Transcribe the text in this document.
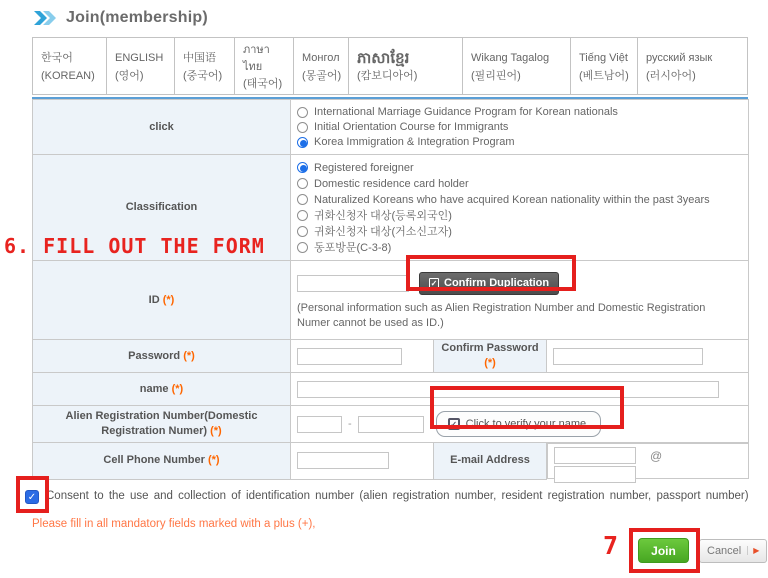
Join(membership)
한국어
(KOREAN)
ENGLISH
(영어)
中国语
(중국어)
ภาษาไทย
(태국어)
Монгол
(몽골어)
ភាសាខ្មែរ
(캄보디아어)
Wikang Tagalog
(필리핀어)
Tiếng Việt
(베트남어)
русский язык
(러시아어)
click	
International Marriage Guidance Program for Korean nationals
Initial Orientation Course for Immigrants
Korea Immigration & Integration Program

Classification	
Registered foreigner
Domestic residence card holder
Naturalized Koreans who have acquired Korean nationality within the past 3years
귀화신청자 대상(등록외국인)
귀화신청자 대상(거소신고자)
동포방문(C-3-8)

ID (*)	✓ Confirm Duplication
(Personal information such as Alien Registration Number and Domestic Registration Numer cannot be used as ID.)		

Password (*)		Confirm Password
(*)

name (*)	

Alien Registration Number(Domestic
Registration Numer) (*)

-	✓ Click to verify your name,

Cell Phone Number (*)		E-mail Address
		@
✓ Consent to the use and collection of identification number (alien registration number, resident registration number, passport number)
Please fill in all mandatory fields marked with a plus (+),
Join	Cancel	▶
6. FILL OUT THE FORM
7
